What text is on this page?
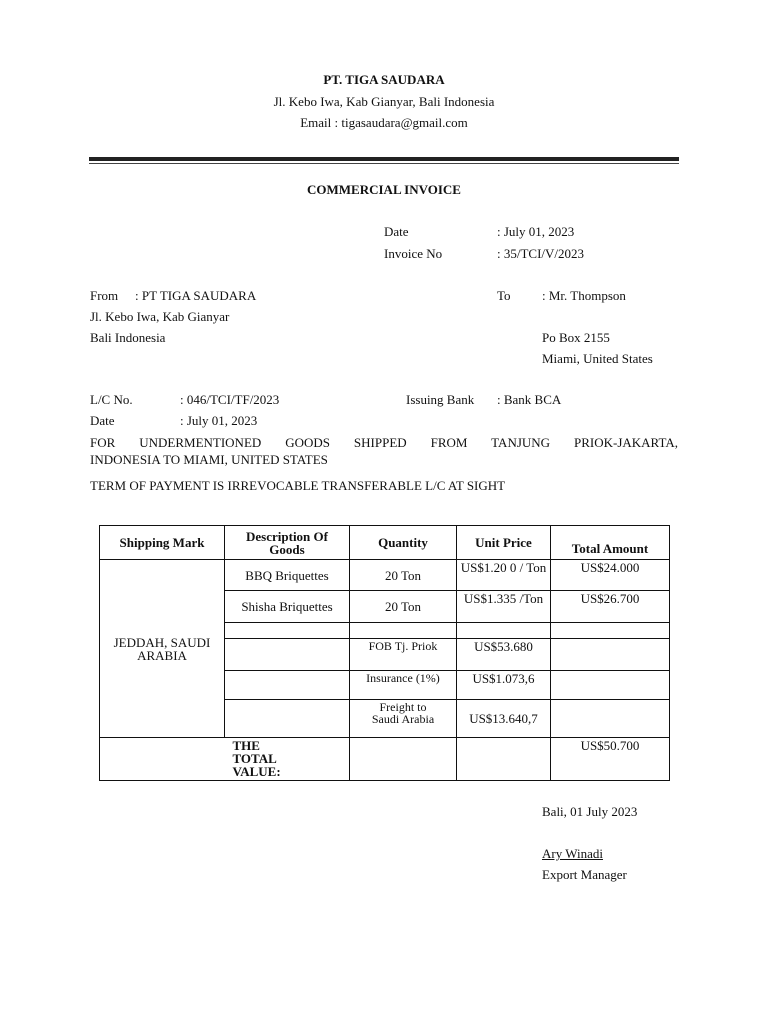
PT. TIGA SAUDARA
Jl. Kebo Iwa, Kab Gianyar, Bali Indonesia
Email : tigasaudara@gmail.com
COMMERCIAL INVOICE
Date	: July 01, 2023
Invoice No	: 35/TCI/V/2023
From : PT TIGA SAUDARA
Jl. Kebo Iwa, Kab Gianyar
Bali Indonesia
To : Mr. Thompson
Po Box 2155
Miami, United States
L/C No.	: 046/TCI/TF/2023	Issuing Bank : Bank BCA
Date	: July 01, 2023
FOR UNDERMENTIONED GOODS SHIPPED FROM TANJUNG PRIOK-JAKARTA,
INDONESIA TO MIAMI, UNITED STATES
TERM OF PAYMENT IS IRREVOCABLE TRANSFERABLE L/C AT SIGHT
Shipping Mark	Description Of Goods	Quantity	Unit Price	Total Amount
JEDDAH, SAUDI ARABIA	BBQ Briquettes	20 Ton	US$1.20 0 / Ton	US$24.000
	Shisha Briquettes	20 Ton	US$1.335 /Ton	US$26.700

		FOB Tj. Priok	US$53.680	
		Insurance (1%)	US$1.073,6	
		Freight to Saudi Arabia	US$13.640,7	
	THE TOTAL VALUE:			US$50.700
Bali, 01 July 2023
Ary Winadi
Export Manager
